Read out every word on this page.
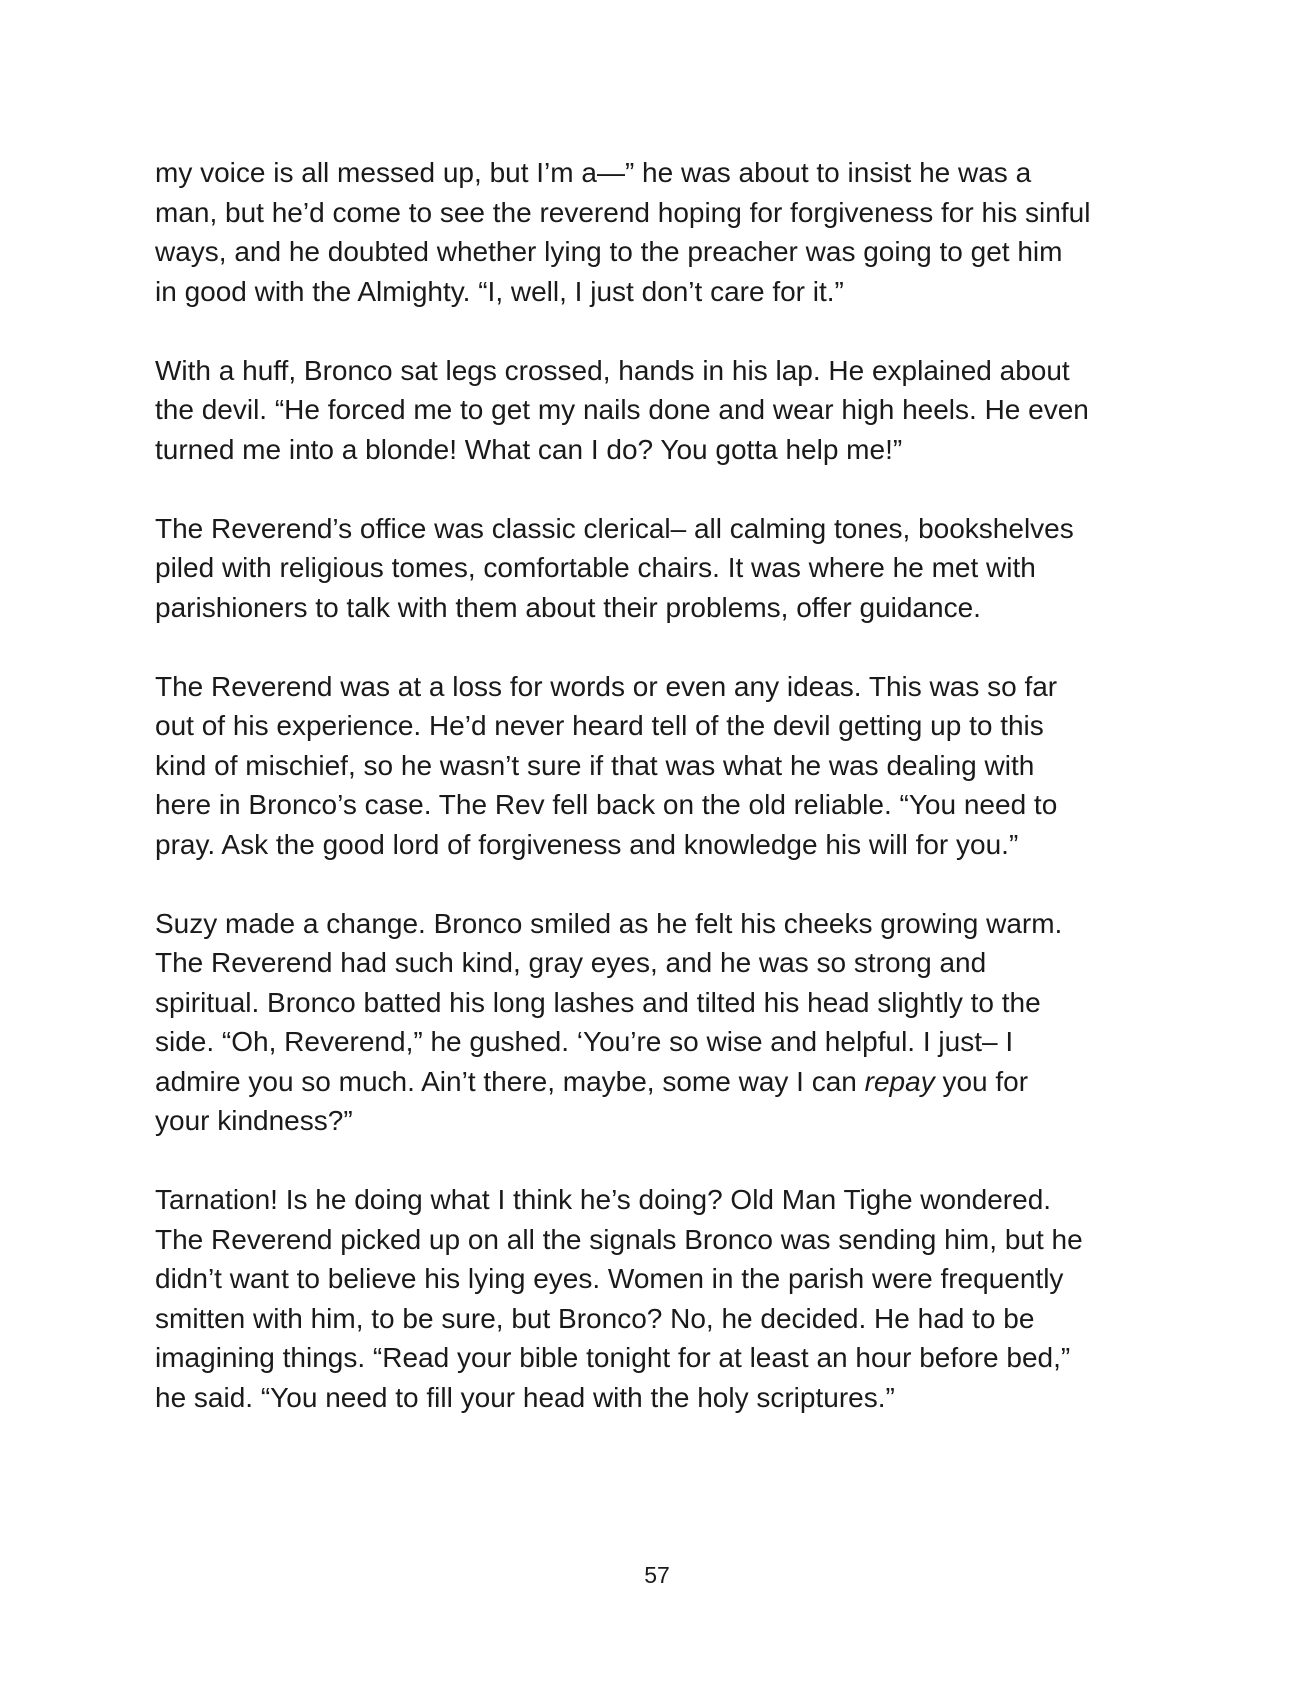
my voice is all messed up, but I’m a—” he was about to insist he was a
man, but he’d come to see the reverend hoping for forgiveness for his sinful
ways, and he doubted whether lying to the preacher was going to get him
in good with the Almighty. “I, well, I just don’t care for it.”

With a huff, Bronco sat legs crossed, hands in his lap. He explained about
the devil. “He forced me to get my nails done and wear high heels. He even
turned me into a blonde! What can I do? You gotta help me!”

The Reverend’s office was classic clerical– all calming tones, bookshelves
piled with religious tomes, comfortable chairs. It was where he met with
parishioners to talk with them about their problems, offer guidance.

The Reverend was at a loss for words or even any ideas. This was so far
out of his experience. He’d never heard tell of the devil getting up to this
kind of mischief, so he wasn’t sure if that was what he was dealing with
here in Bronco’s case. The Rev fell back on the old reliable. “You need to
pray. Ask the good lord of forgiveness and knowledge his will for you.”

Suzy made a change. Bronco smiled as he felt his cheeks growing warm.
The Reverend had such kind, gray eyes, and he was so strong and
spiritual. Bronco batted his long lashes and tilted his head slightly to the
side. “Oh, Reverend,” he gushed. ‘You’re so wise and helpful. I just– I
admire you so much. Ain’t there, maybe, some way I can repay you for
your kindness?”

Tarnation! Is he doing what I think he’s doing? Old Man Tighe wondered.
The Reverend picked up on all the signals Bronco was sending him, but he
didn’t want to believe his lying eyes. Women in the parish were frequently
smitten with him, to be sure, but Bronco? No, he decided. He had to be
imagining things. “Read your bible tonight for at least an hour before bed,”
he said. “You need to fill your head with the holy scriptures.”

57
